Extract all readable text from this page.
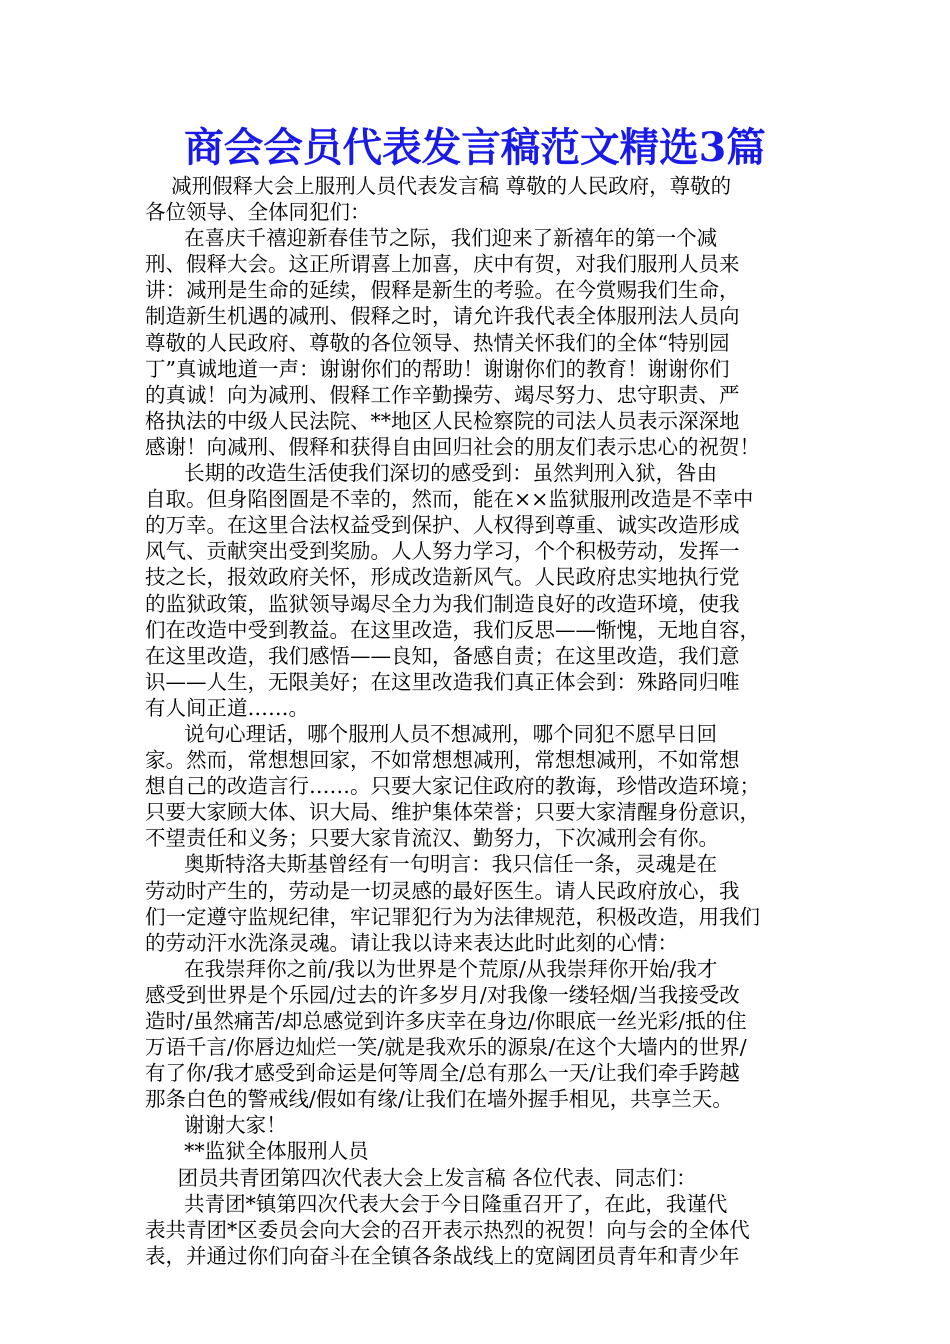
商会会员代表发言稿范文精选3篇
减刑假释大会上服刑人员代表发言稿 尊敬的人民政府，尊敬的
各位领导、全体同犯们：
在喜庆千禧迎新春佳节之际，我们迎来了新禧年的第一个减
刑、假释大会。这正所谓喜上加喜，庆中有贺，对我们服刑人员来
讲：减刑是生命的延续，假释是新生的考验。在今赏赐我们生命，
制造新生机遇的减刑、假释之时，请允许我代表全体服刑法人员向
尊敬的人民政府、尊敬的各位领导、热情关怀我们的全体“特别园
丁”真诚地道一声：谢谢你们的帮助！谢谢你们的教育！谢谢你们
的真诚！向为减刑、假释工作辛勤操劳、竭尽努力、忠守职责、严
格执法的中级人民法院、**地区人民检察院的司法人员表示深深地
感谢！向减刑、假释和获得自由回归社会的朋友们表示忠心的祝贺！
长期的改造生活使我们深切的感受到：虽然判刑入狱，咎由
自取。但身陷囹圄是不幸的，然而，能在××监狱服刑改造是不幸中
的万幸。在这里合法权益受到保护、人权得到尊重、诚实改造形成
风气、贡献突出受到奖励。人人努力学习，个个积极劳动，发挥一
技之长，报效政府关怀，形成改造新风气。人民政府忠实地执行党
的监狱政策，监狱领导竭尽全力为我们制造良好的改造环境，使我
们在改造中受到教益。在这里改造，我们反思——惭愧，无地自容，
在这里改造，我们感悟——良知，备感自责；在这里改造，我们意
识——人生，无限美好；在这里改造我们真正体会到：殊路同归唯
有人间正道……。
说句心理话，哪个服刑人员不想减刑，哪个同犯不愿早日回
家。然而，常想想回家，不如常想想减刑，常想想减刑，不如常想
想自己的改造言行……。只要大家记住政府的教诲，珍惜改造环境；
只要大家顾大体、识大局、维护集体荣誉；只要大家清醒身份意识，
不望责任和义务；只要大家肯流汉、勤努力，下次减刑会有你。
奥斯特洛夫斯基曾经有一句明言：我只信任一条，灵魂是在
劳动时产生的，劳动是一切灵感的最好医生。请人民政府放心，我
们一定遵守监规纪律，牢记罪犯行为为法律规范，积极改造，用我们
的劳动汗水洗涤灵魂。请让我以诗来表达此时此刻的心情：
在我崇拜你之前/我以为世界是个荒原/从我崇拜你开始/我才
感受到世界是个乐园/过去的许多岁月/对我像一缕轻烟/当我接受改
造时/虽然痛苦/却总感觉到许多庆幸在身边/你眼底一丝光彩/抵的住
万语千言/你唇边灿烂一笑/就是我欢乐的源泉/在这个大墙内的世界/
有了你/我才感受到命运是何等周全/总有那么一天/让我们牵手跨越
那条白色的警戒线/假如有缘/让我们在墙外握手相见，共享兰天。
谢谢大家！
**监狱全体服刑人员
团员共青团第四次代表大会上发言稿 各位代表、同志们：
共青团*镇第四次代表大会于今日隆重召开了，在此，我谨代
表共青团*区委员会向大会的召开表示热烈的祝贺！向与会的全体代
表，并通过你们向奋斗在全镇各条战线上的宽阔团员青年和青少年
